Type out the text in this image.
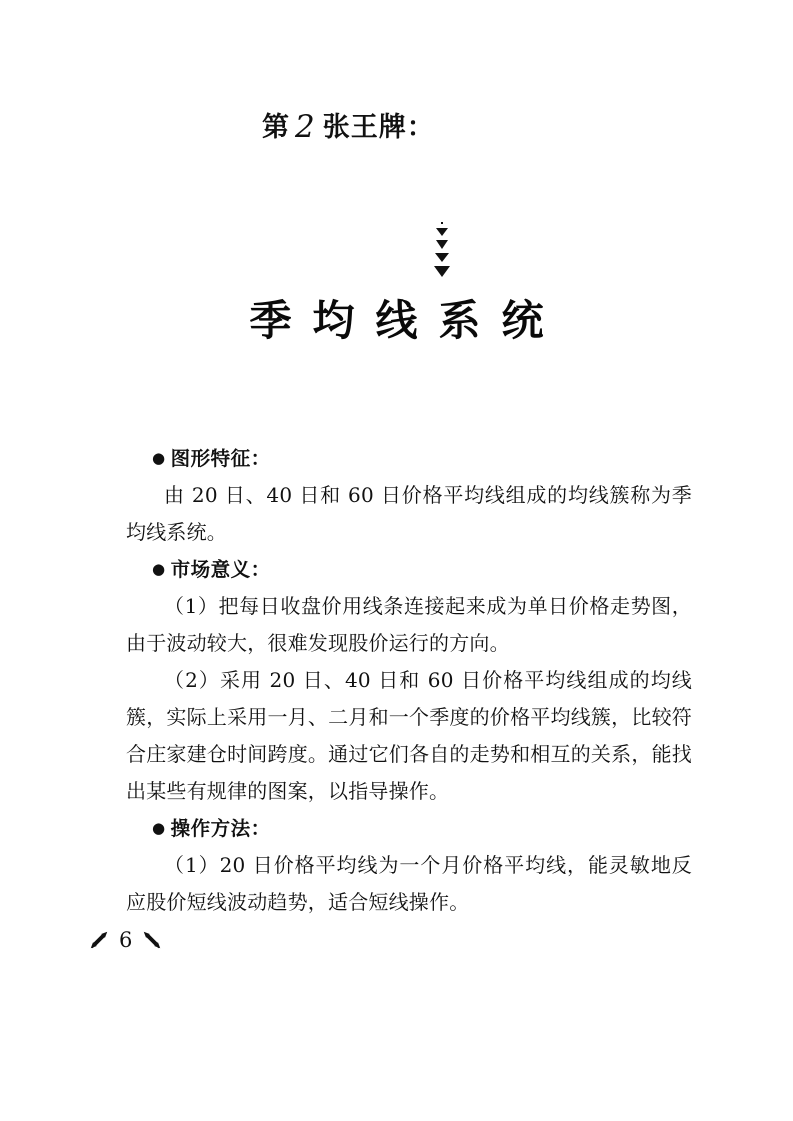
第 2 张王牌：
季均线系统
● 图形特征：
由 20 日、40 日和 60 日价格平均线组成的均线簇称为季均线系统。
● 市场意义：
（1）把每日收盘价用线条连接起来成为单日价格走势图，由于波动较大，很难发现股价运行的方向。
（2）采用 20 日、40 日和 60 日价格平均线组成的均线簇，实际上采用一月、二月和一个季度的价格平均线簇，比较符合庄家建仓时间跨度。通过它们各自的走势和相互的关系，能找出某些有规律的图案，以指导操作。
● 操作方法：
（1）20 日价格平均线为一个月价格平均线，能灵敏地反应股价短线波动趋势，适合短线操作。
6
